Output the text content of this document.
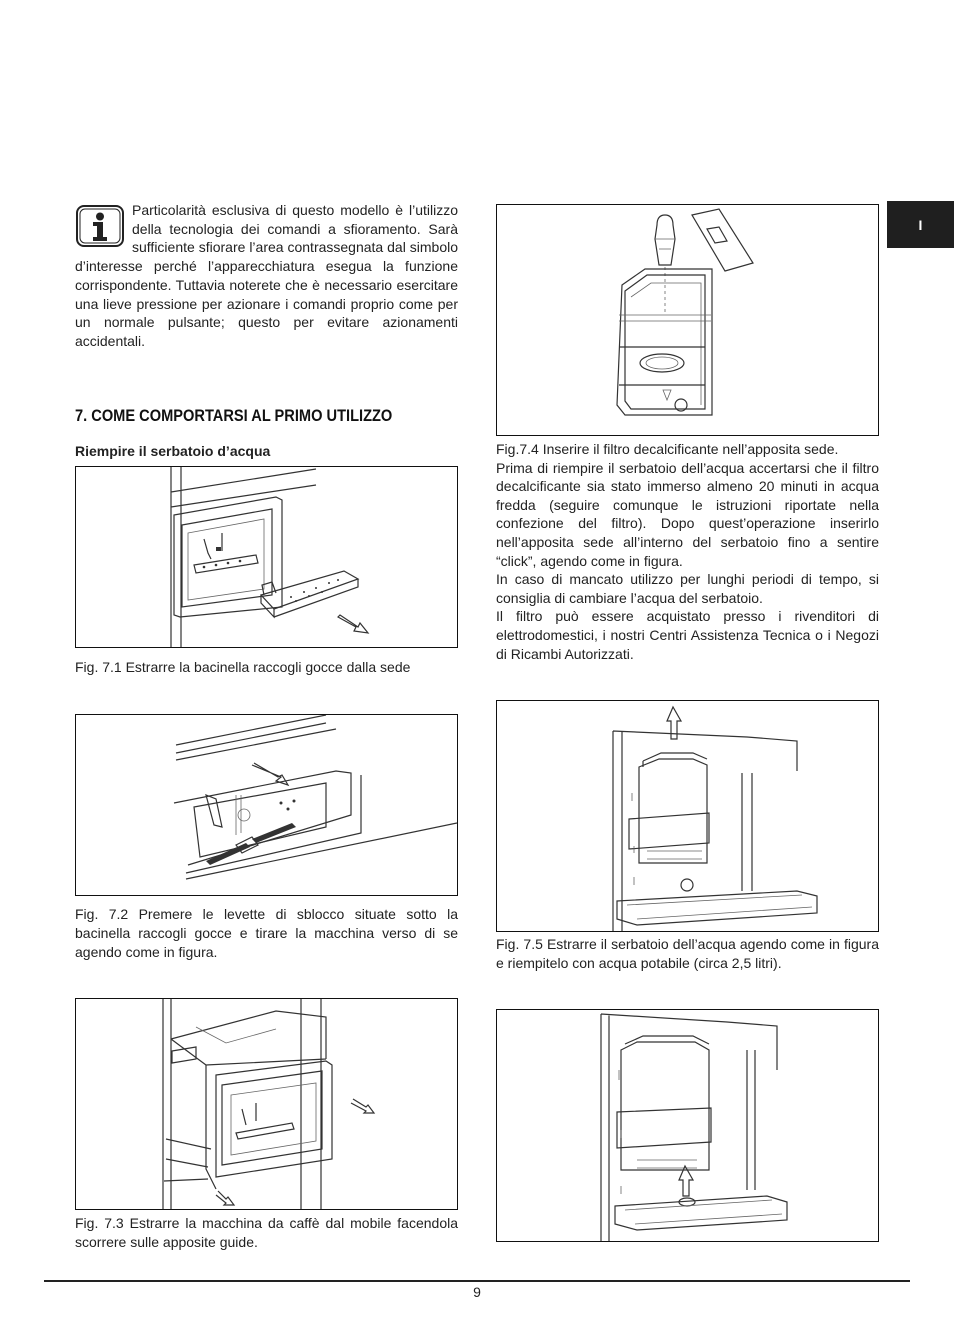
I
Particolarità esclusiva di questo modello è l’utilizzo della tecnologia dei comandi a sfioramento. Sarà sufficiente sfiorare l’area contrassegnata dal simbolo d’interesse perché l’apparecchiatura esegua la funzione corrispondente. Tuttavia noterete che è necessario esercitare una lieve pressione per azionare i comandi proprio come per un normale pulsante; questo per evitare azionamenti accidentali.
7. COME COMPORTARSI AL PRIMO UTILIZZO
Riempire il serbatoio d’acqua
Fig. 7.1 Estrarre la bacinella raccogli gocce dalla sede
Fig. 7.2 Premere le levette di sblocco situate sotto la bacinella raccogli gocce e tirare la macchina verso di se agendo come in figura.
Fig. 7.3 Estrarre la macchina da caffè dal mobile facendola scorrere sulle apposite guide.

Fig.7.4 Inserire il filtro decalcificante nell’apposita sede.

Prima di riempire il serbatoio dell’acqua accertarsi che il filtro decalcificante sia stato immerso almeno 20 minuti in acqua fredda (seguire comunque le istruzioni riportate nella confezione del filtro). Dopo quest’operazione inserirlo nell’apposita sede all’interno del serbatoio fino a sentire “click”, agendo come in figura.

In caso di mancato utilizzo per lunghi periodi di tempo, si consiglia di cambiare l’acqua del serbatoio.

Il filtro può essere acquistato presso i rivenditori di elettrodomestici, i nostri Centri Assistenza Tecnica o i Negozi di Ricambi Autorizzati.

Fig. 7.5 Estrarre il serbatoio dell’acqua agendo come in figura e riempitelo con acqua potabile (circa 2,5 litri).
9
